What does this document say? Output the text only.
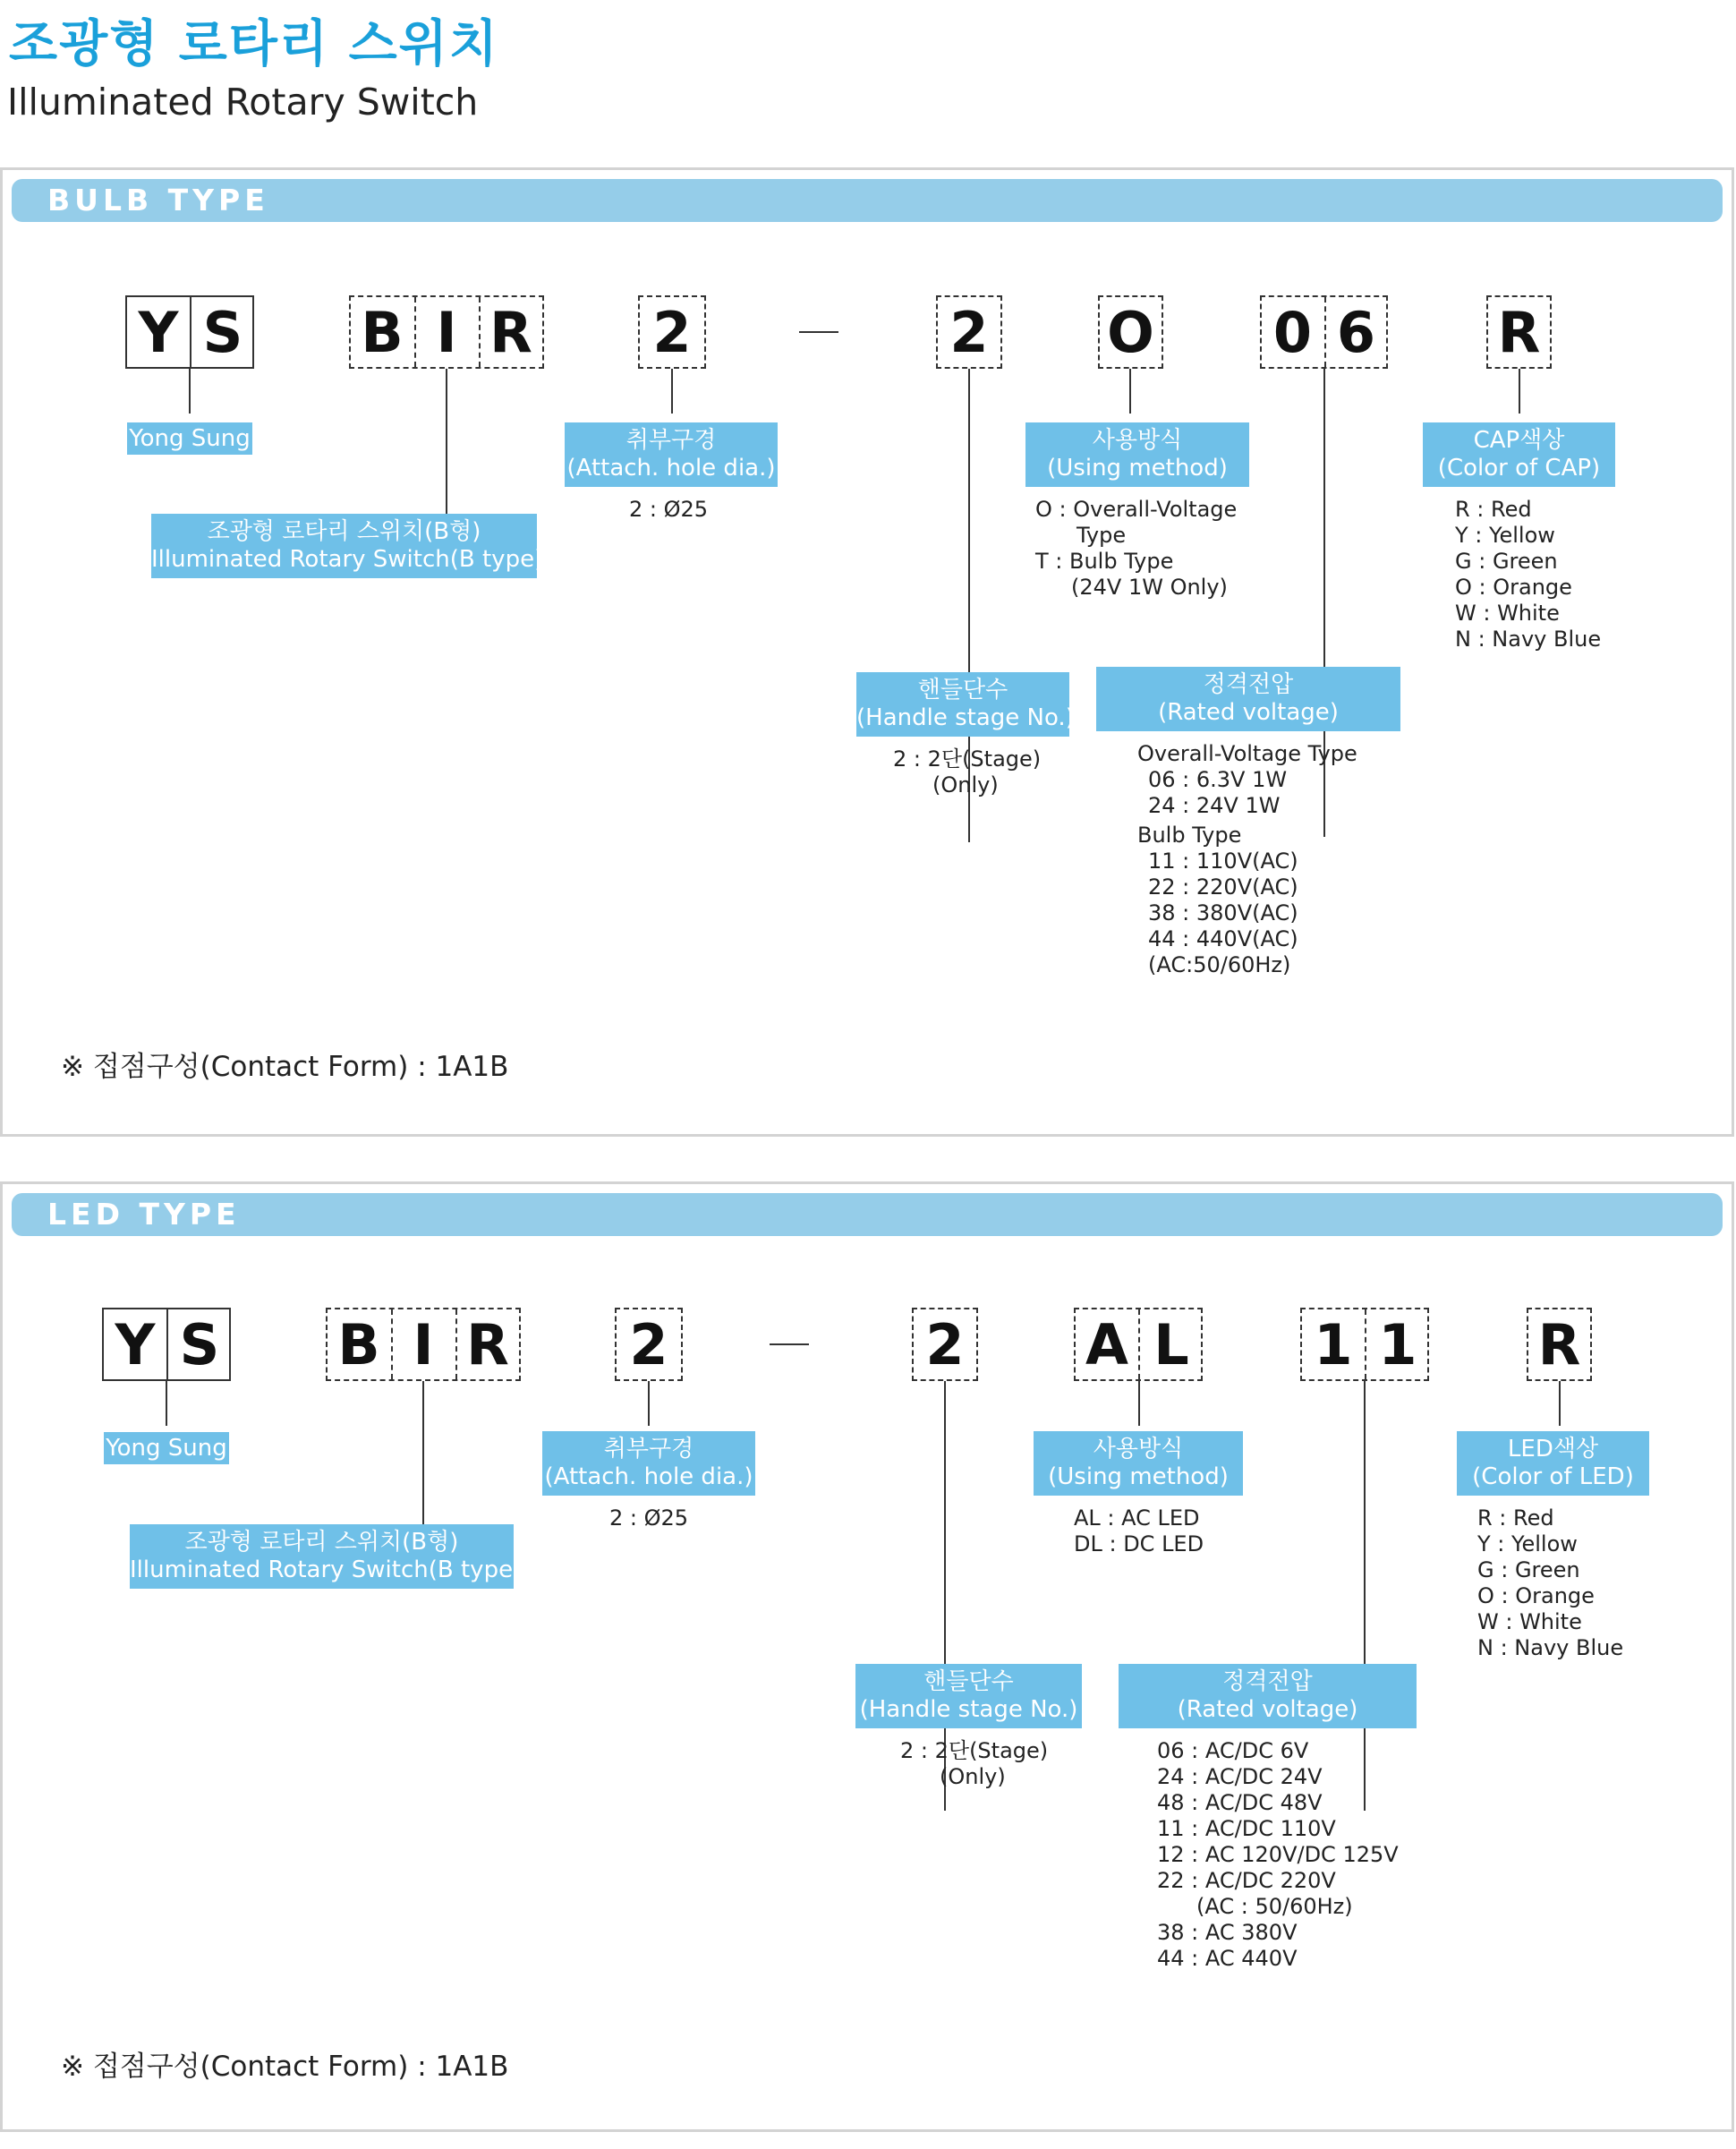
조광형 로타리 스위치
Illuminated Rotary Switch
BULB TYPE
Y S B I R 2	2 O 0 6 R
Yong Sung
조광형 로타리 스위치(B형)
Illuminated Rotary Switch(B type)
취부구경
(Attach. hole dia.)
2 : Ø25
사용방식
(Using method)
O : Overall-Voltage
Type
T : Bulb Type
(24V 1W Only)
CAP색상
(Color of CAP)
R : Red
Y : Yellow
G : Green
O : Orange
W : White
N : Navy Blue
핸들단수
(Handle stage No.)
2 : 2단(Stage)
(Only)
정격전압
(Rated voltage)
Overall-Voltage Type
06 : 6.3V 1W
24 : 24V 1W
Bulb Type
11 : 110V(AC)
22 : 220V(AC)
38 : 380V(AC)
44 : 440V(AC)
(AC:50/60Hz)
※ 접점구성(Contact Form) : 1A1B
LED TYPE
Y S B I R 2	2 A L 1 1 R
Yong Sung
조광형 로타리 스위치(B형)
Illuminated Rotary Switch(B type)
취부구경
(Attach. hole dia.)
2 : Ø25
사용방식
(Using method)
AL : AC LED
DL : DC LED
LED색상
(Color of LED)
R : Red
Y : Yellow
G : Green
O : Orange
W : White
N : Navy Blue
핸들단수
(Handle stage No.)
2 : 2단(Stage)
(Only)
정격전압
(Rated voltage)
06 : AC/DC 6V
24 : AC/DC 24V
48 : AC/DC 48V
11 : AC/DC 110V
12 : AC 120V/DC 125V
22 : AC/DC 220V
(AC : 50/60Hz)
38 : AC 380V
44 : AC 440V
※ 접점구성(Contact Form) : 1A1B
